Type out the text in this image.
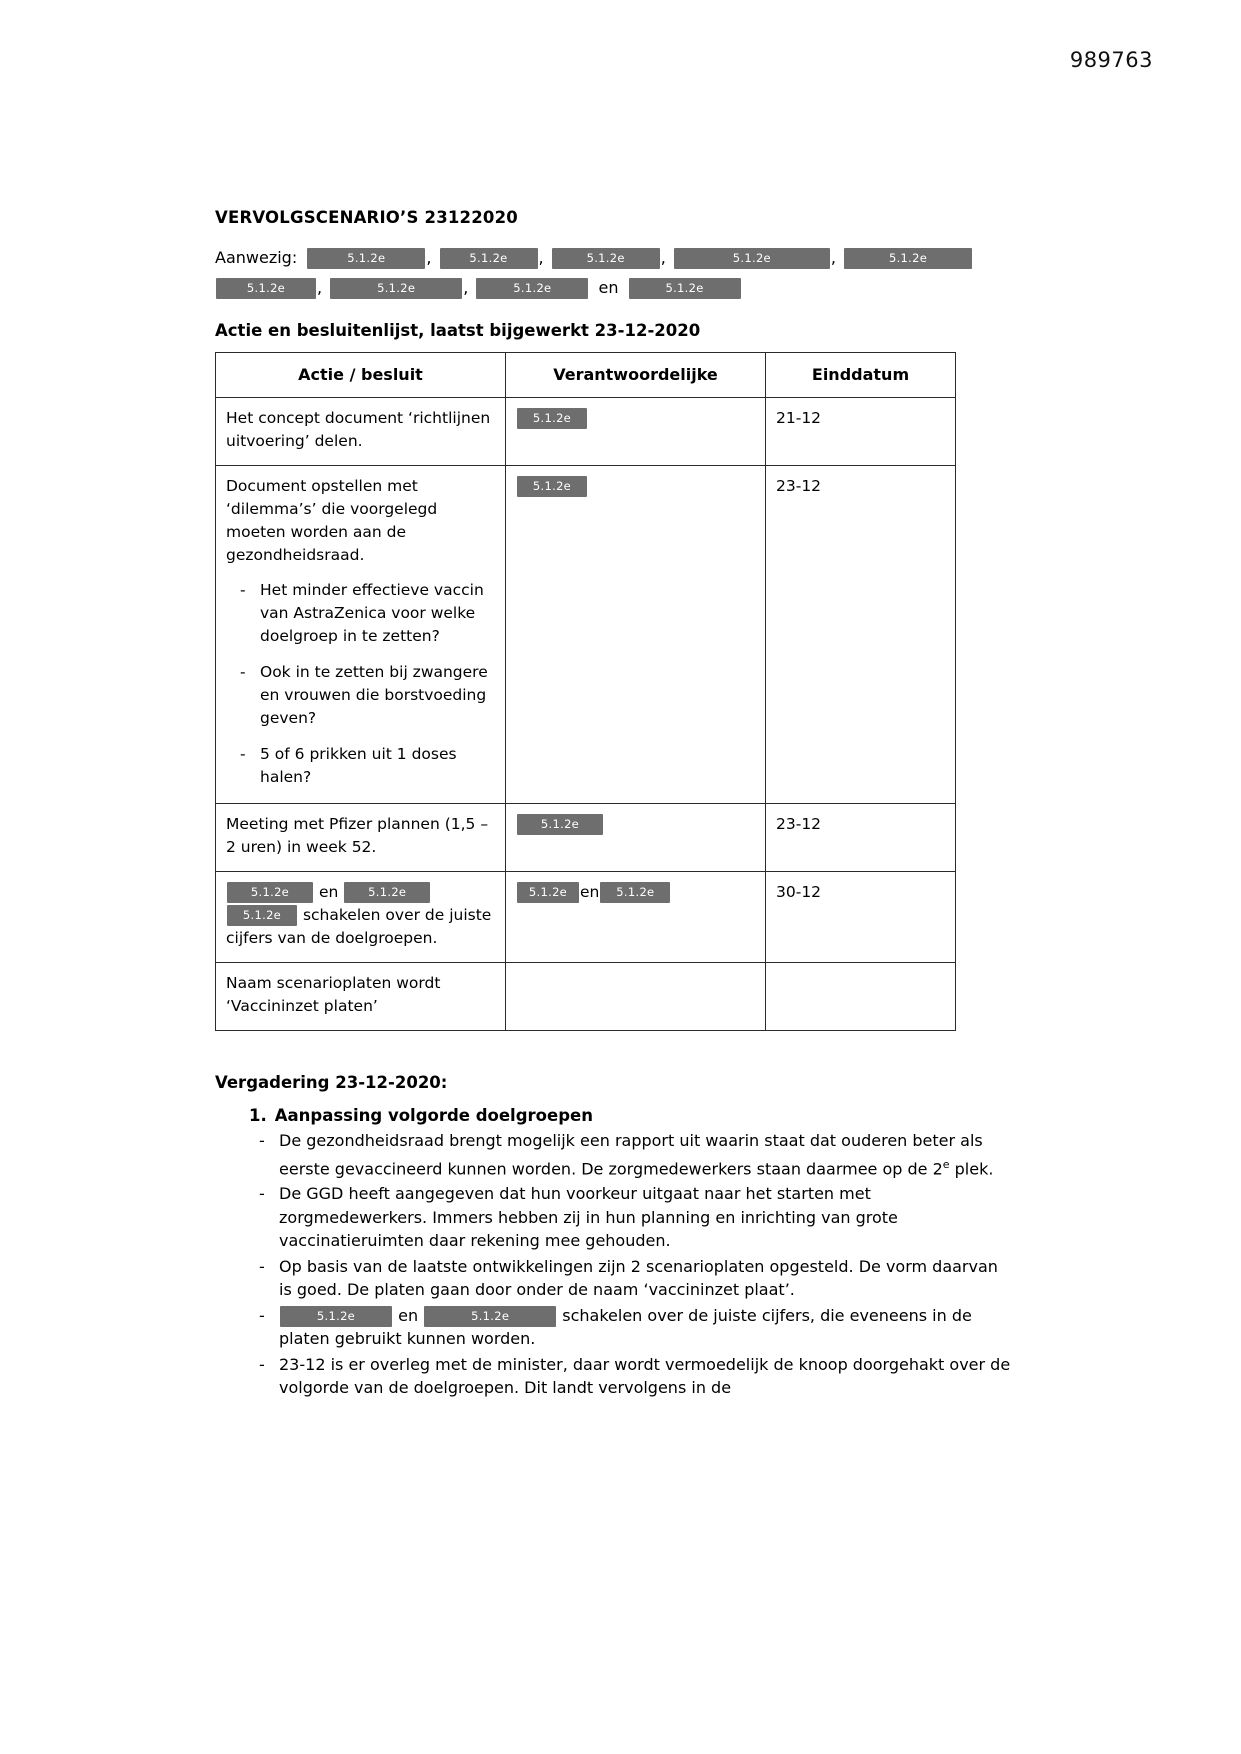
989763
VERVOLGSCENARIO’S 23122020
Aanwezig:	5.1.2e	,	5.1.2e ,	5.1.2e ,	5.1.2e	,	5.1.2e
5.1.2e ,	5.1.2e	,	5.1.2e	en	5.1.2e
Actie en besluitenlijst, laatst bijgewerkt 23-12-2020
Actie / besluit	Verantwoordelijke	Einddatum
Het concept document ‘richtlijnen uitvoering’ delen.	5.1.2e	21-12

Document opstellen met ‘dilemma’s’ die voorgelegd moeten worden aan de gezondheidsraad.
- Het minder effectieve vaccin van AstraZenica voor welke doelgroep in te zetten?
- Ook in te zetten bij zwangere en vrouwen die borstvoeding geven?
- 5 of 6 prikken uit 1 doses halen?
	5.1.2e	23-12
Meeting met Pfizer plannen (1,5 – 2 uren) in week 52.	5.1.2e	23-12
5.1.2e en 5.1.2e 5.1.2e schakelen over de juiste cijfers van de doelgroepen.	5.1.2e en 5.1.2e	30-12
Naam scenarioplaten wordt ‘Vaccininzet platen’		
Vergadering 23-12-2020:
1. Aanpassing volgorde doelgroepen
- De gezondheidsraad brengt mogelijk een rapport uit waarin staat dat ouderen beter als eerste gevaccineerd kunnen worden. De zorgmedewerkers staan daarmee op de 2e plek.
- De GGD heeft aangegeven dat hun voorkeur uitgaat naar het starten met zorgmedewerkers. Immers hebben zij in hun planning en inrichting van grote vaccinatieruimten daar rekening mee gehouden.
- Op basis van de laatste ontwikkelingen zijn 2 scenarioplaten opgesteld. De vorm daarvan is goed. De platen gaan door onder de naam ‘vaccininzet plaat’.
- 5.1.2e	en	5.1.2e	schakelen over de juiste cijfers, die eveneens in de platen gebruikt kunnen worden.
- 23-12 is er overleg met de minister, daar wordt vermoedelijk de knoop doorgehakt over de volgorde van de doelgroepen. Dit landt vervolgens in de
